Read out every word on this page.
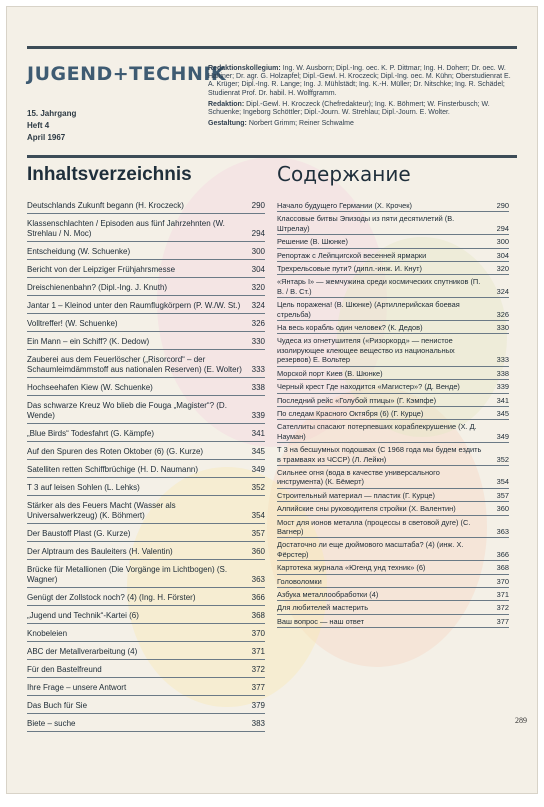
JUGEND+TECHNIK
15. Jahrgang
Heft 4
April 1967

Redaktionskollegium: Ing. W. Ausborn; Dipl.-Ing. oec. K. P. Dittmar; Ing. H. Doherr; Dr. oec. W. Haltiner; Dr. agr. G. Holzapfel; Dipl.-Gewl. H. Kroczeck; Dipl.-Ing. oec. M. Kühn; Oberstudienrat E. A. Krüger; Dipl.-Ing. R. Lange; Ing. J. Mühlstädt; Ing. K.-H. Müller; Dr. Nitschke; Ing. R. Schädel; Studienrat Prof. Dr. habil. H. Wolffgramm.

Redaktion: Dipl.-Gewl. H. Kroczeck (Chefredakteur); Ing. K. Böhmert; W. Finsterbusch; W. Schuenke; Ingeborg Schöttler; Dipl.-Journ. W. Strehlau; Dipl.-Journ. E. Wolter.

Gestaltung: Norbert Grimm; Reiner Schwalme

Inhaltsverzeichnis	Содержание
Deutschlands Zukunft begann (H. Kroczeck)	290
Klassenschlachten / Episoden aus fünf Jahrzehnten (W. Strehlau / N. Moc)	294
Entscheidung (W. Schuenke)	300
Bericht von der Leipziger Frühjahrsmesse	304
Dreischienenbahn? (Dipl.-Ing. J. Knuth)	320
Jantar 1 – Kleinod unter den Raumflugkörpern (P. W./W. St.) 324
Volltreffer! (W. Schuenke)	326
Ein Mann – ein Schiff? (K. Dedow)	330
Zauberei aus dem Feuerlöscher („Risorcord“ – der Schaumleimdämmstoff aus nationalen Reserven) (E. Wolter) 333
Hochseehafen Kiew (W. Schuenke)	338
Das schwarze Kreuz Wo blieb die Fouga „Magister“? (D. Wende)	339
„Blue Birds“ Todesfahrt (G. Kämpfe)	341
Auf den Spuren des Roten Oktober (6) (G. Kurze)	345
Satelliten retten Schiffbrüchige (H. D. Naumann)	349
T 3 auf leisen Sohlen (L. Lehks)	352
Stärker als des Feuers Macht (Wasser als Universalwerkzeug) (K. Böhmert)	354
Der Baustoff Plast (G. Kurze)	357
Der Alptraum des Bauleiters (H. Valentin)	360
Brücke für Metallionen (Die Vorgänge im Lichtbogen) (S. Wagner)	363
Genügt der Zollstock noch? (4) (Ing. H. Förster)	366
„Jugend und Technik“-Kartei (6)	368
Knobeleien	370
ABC der Metallverarbeitung (4)	371
Für den Bastelfreund	372
Ihre Frage – unsere Antwort	377
Das Buch für Sie	379
Biete – suche	383
Начало будущего Германии (Х. Крочек)	290
Классовые битвы Эпизоды из пяти десятилетий (В. Штрелау)	294
Решение (В. Шюнке)	300
Репортаж с Лейпцигской весенней ярмарки	304
Трехрельсовые пути? (дипл.-инж. И. Кнут)	320
«Янтарь I» — жемчужина среди космических спутников (П. В. / В. Ст.)	324
Цель поражена! (В. Шюнке) (Артиллерийская боевая стрельба)	326
На весь корабль один человек? (К. Дедов)	330
Чудеса из огнетушителя («Ризоркорд» — пенистое изолирующее клеющее вещество из национальных резервов) Е. Вольтер	333
Морской порт Киев (В. Шюнке)	338
Черный крест Где находится «Магистер»? (Д. Венде)	339
Последний рейс «Голубой птицы» (Г. Кэмпфе)	341
По следам Красного Октября (6) (Г. Курце)	345
Сателлиты спасают потерпевших кораблекрушение (Х. Д. Науман)	349
Т 3 на бесшумных подошвах (С 1968 года мы будем ездить в трамваях из ЧССР) (Л. Лейкн)	352
Сильнее огня (вода в качестве универсального инструмента) (К. Бёмерт)	354
Строительный материал — пластик (Г. Курце)	357
Алпийские сны руководителя стройки (Х. Валентин)	360
Мост для ионов металла (процессы в световой дуге) (С. Вагнер)	363
Достаточно ли еще дюймового масштаба? (4) (инж. Х. Фёрстер)	366
Картотека журнала «Югенд унд техник» (6)	368
Головоломки	370
Азбука металлообработки (4)	371
Для любителей мастерить	372
Ваш вопрос — наш ответ	377
289
